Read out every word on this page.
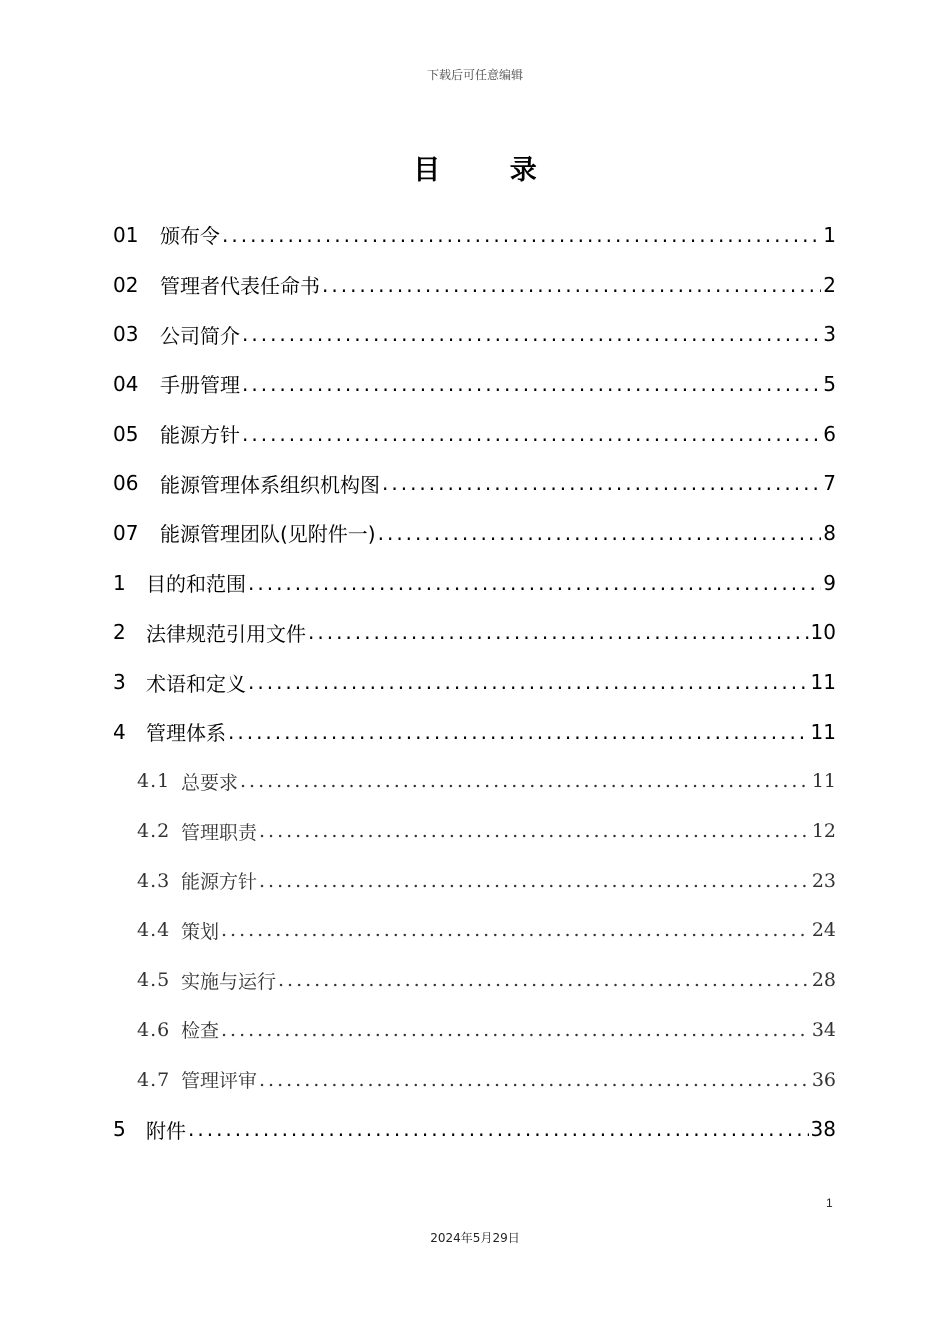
下载后可任意编辑
目 录
01	颁布令 .....	1
02	管理者代表任命书 .....	2
03	公司简介 .....	3
04	手册管理 .....	5
05	能源方针 .....	6
06	能源管理体系组织机构图 .....	7
07	能源管理团队(见附件一) .....	8
1	目的和范围 .....	9
2	法律规范引用文件 .....	10
3	术语和定义 .....	11
4	管理体系 .....	11
4.1 总要求 .....	11
4.2 管理职责 .....	12
4.3 能源方针 .....	23
4.4 策划 .....	24
4.5 实施与运行 .....	28
4.6 检查 .....	34
4.7 管理评审 .....	36
5	附件 .....	38
1
2024年5月29日
